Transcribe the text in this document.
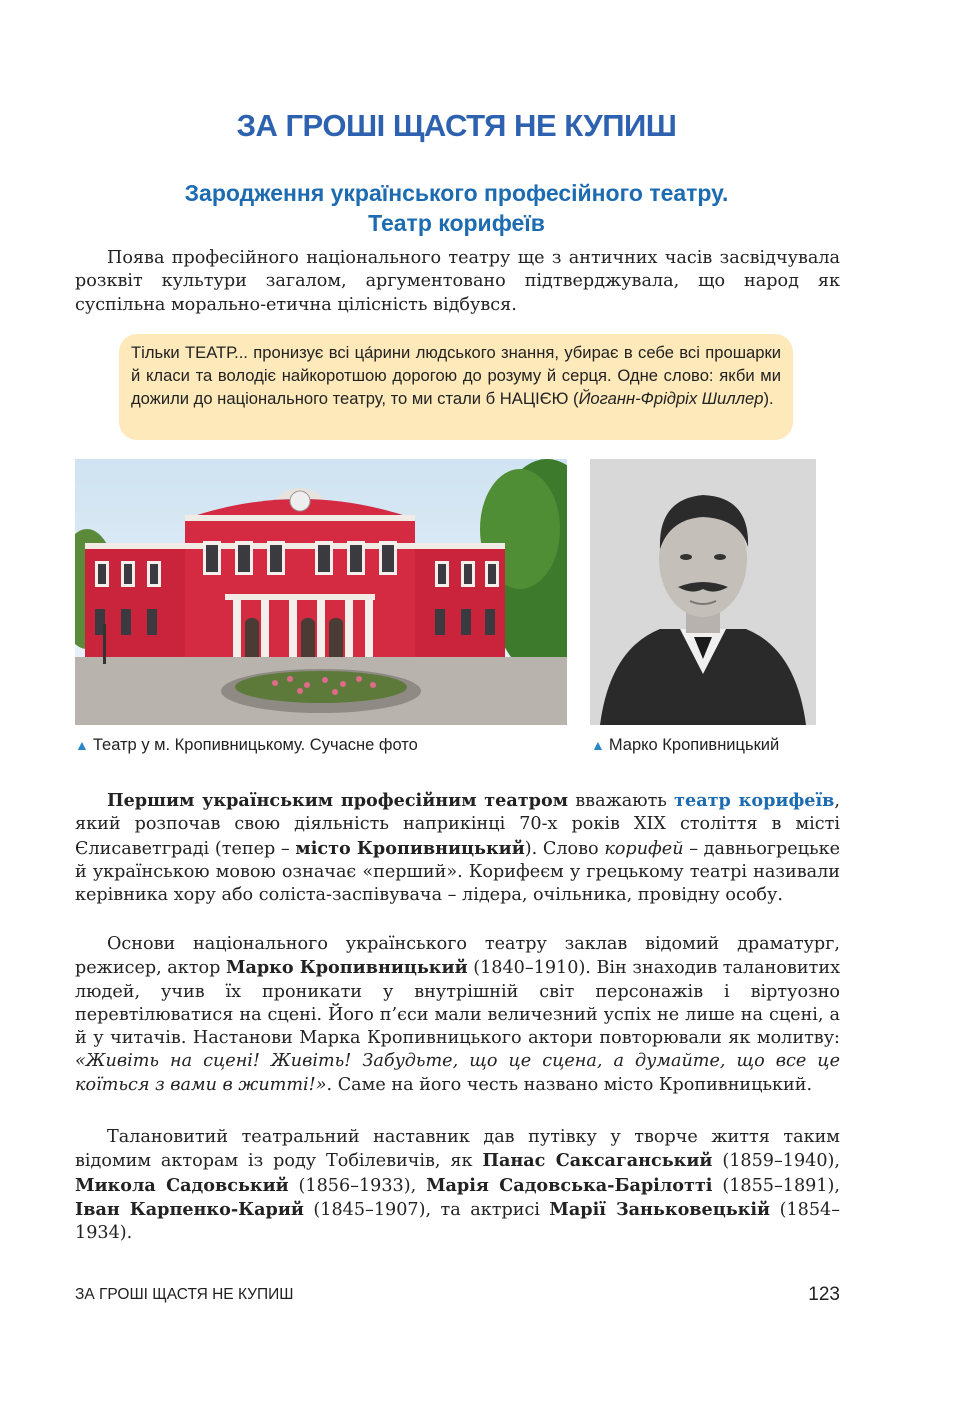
ЗА ГРОШІ ЩАСТЯ НЕ КУПИШ
Зародження українського професійного театру.
Театр корифеїв

Поява професійного національного театру ще з античних часів засвідчувала розквіт культури загалом, аргументовано підтверджувала, що народ як суспільна морально-етична цілісність відбувся.

Тільки ТЕАТР... пронизує всі ца́рини людського знання, убирає в себе всі прошарки й класи та володіє найкоротшою дорогою до розуму й серця. Одне слово: якби ми дожили до національного театру, то ми стали б НАЦІЄЮ (Йоганн-Фрідріх Шиллер).

▲ Театр у м. Кропивницькому. Сучасне фото	▲ Марко Кропивницький

Першим українським професійним театром вважають театр корифеїв, який розпочав свою діяльність наприкінці 70-х років ХІХ століття в місті Єлисаветграді (тепер – місто Кропивницький). Слово корифей – давньогрецьке й українською мовою означає «перший». Корифеєм у грецькому театрі називали керівника хору або соліста-заспівувача – лідера, очільника, провідну особу.

Основи національного українського театру заклав відомий драматург, режисер, актор Марко Кропивницький (1840–1910). Він знаходив талановитих людей, учив їх проникати у внутрішній світ персонажів і віртуозно перевтілюватися на сцені. Його п’єси мали величезний успіх не лише на сцені, а й у читачів. Настанови Марка Кропивницького актори повторювали як молитву: «Живіть на сцені! Живіть! Забудьте, що це сцена, а думайте, що все це коїться з вами в житті!». Саме на його честь названо місто Кропивницький.

Талановитий театральний наставник дав путівку у творче життя таким відомим акторам із роду Тобілевичів, як Панас Саксаганський (1859–1940), Микола Садовський (1856–1933), Марія Садовська-Барілотті (1855–1891), Іван Карпенко-Карий (1845–1907), та актрисі Марії Заньковецькій (1854–1934).

ЗА ГРОШІ ЩАСТЯ НЕ КУПИШ	123
